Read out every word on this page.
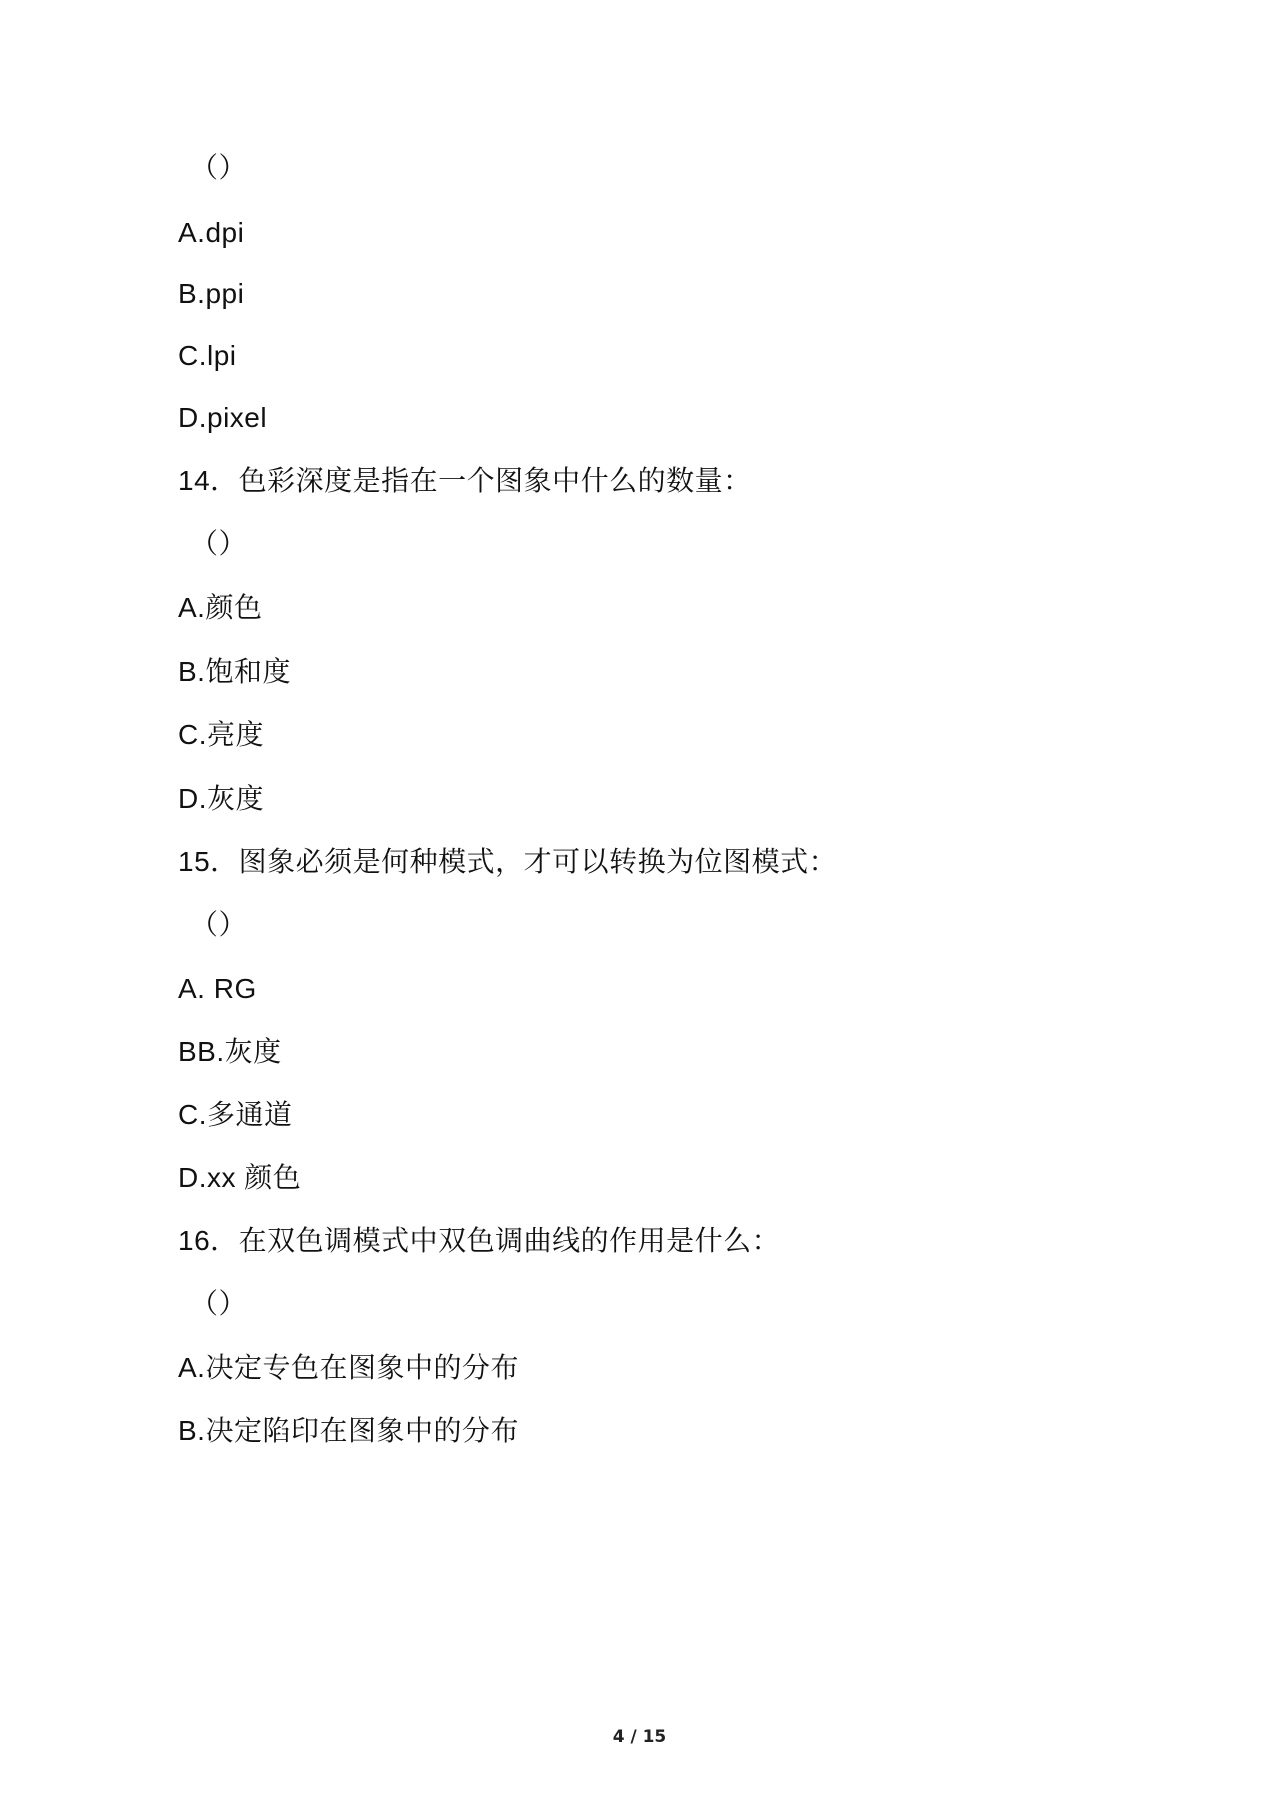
（）
A.dpi
B.ppi
C.lpi
D.pixel
14．色彩深度是指在一个图象中什么的数量：
（）
A.颜色
B.饱和度
C.亮度
D.灰度
15．图象必须是何种模式，才可以转换为位图模式：
（）
A. RG
BB.灰度
C.多通道
D.xx 颜色
16．在双色调模式中双色调曲线的作用是什么：
（）
A.决定专色在图象中的分布
B.决定陷印在图象中的分布
4 / 15
